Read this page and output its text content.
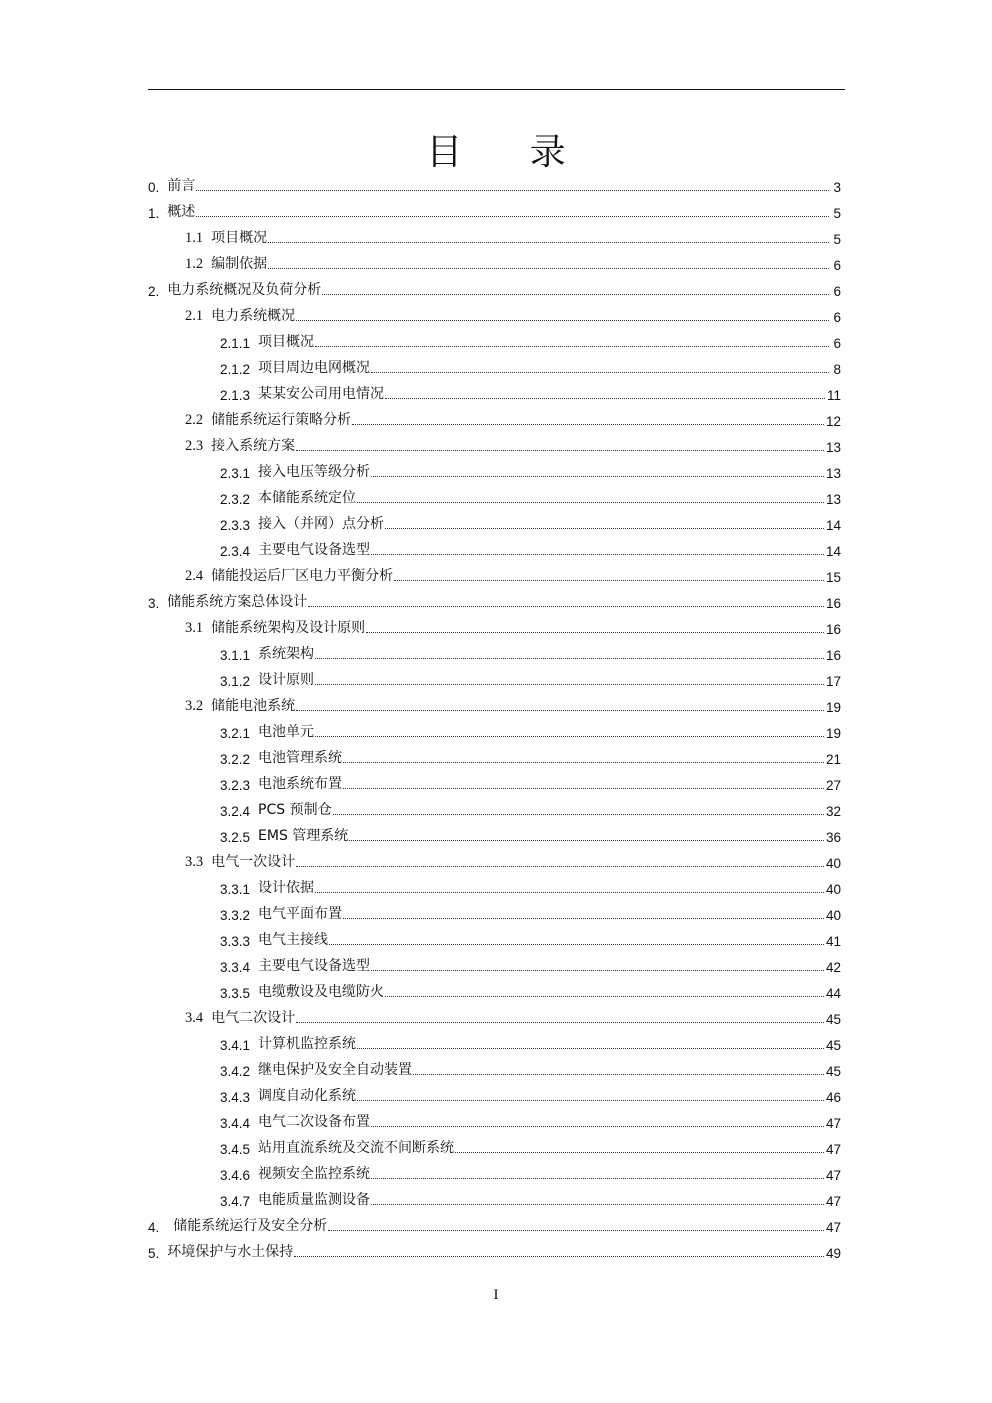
目 录
0. 前言	3
1. 概述	5
1.1 项目概况	5
1.2 编制依据	6
2. 电力系统概况及负荷分析	6
2.1 电力系统概况	6
2.1.1 项目概况	6
2.1.2 项目周边电网概况	8
2.1.3 某某安公司用电情况	11
2.2 储能系统运行策略分析	12
2.3 接入系统方案	13
2.3.1 接入电压等级分析	13
2.3.2 本储能系统定位	13
2.3.3 接入（并网）点分析	14
2.3.4 主要电气设备选型	14
2.4 储能投运后厂区电力平衡分析	15
3. 储能系统方案总体设计	16
3.1 储能系统架构及设计原则	16
3.1.1 系统架构	16
3.1.2 设计原则	17
3.2 储能电池系统	19
3.2.1 电池单元	19
3.2.2 电池管理系统	21
3.2.3 电池系统布置	27
3.2.4 PCS 预制仓	32
3.2.5 EMS 管理系统	36
3.3 电气一次设计	40
3.3.1 设计依据	40
3.3.2 电气平面布置	40
3.3.3 电气主接线	41
3.3.4 主要电气设备选型	42
3.3.5 电缆敷设及电缆防火	44
3.4 电气二次设计	45
3.4.1 计算机监控系统	45
3.4.2 继电保护及安全自动装置	45
3.4.3 调度自动化系统	46
3.4.4 电气二次设备布置	47
3.4.5 站用直流系统及交流不间断系统	47
3.4.6 视频安全监控系统	47
3.4.7 电能质量监测设备	47
4. 储能系统运行及安全分析	47
5. 环境保护与水土保持	49
I
